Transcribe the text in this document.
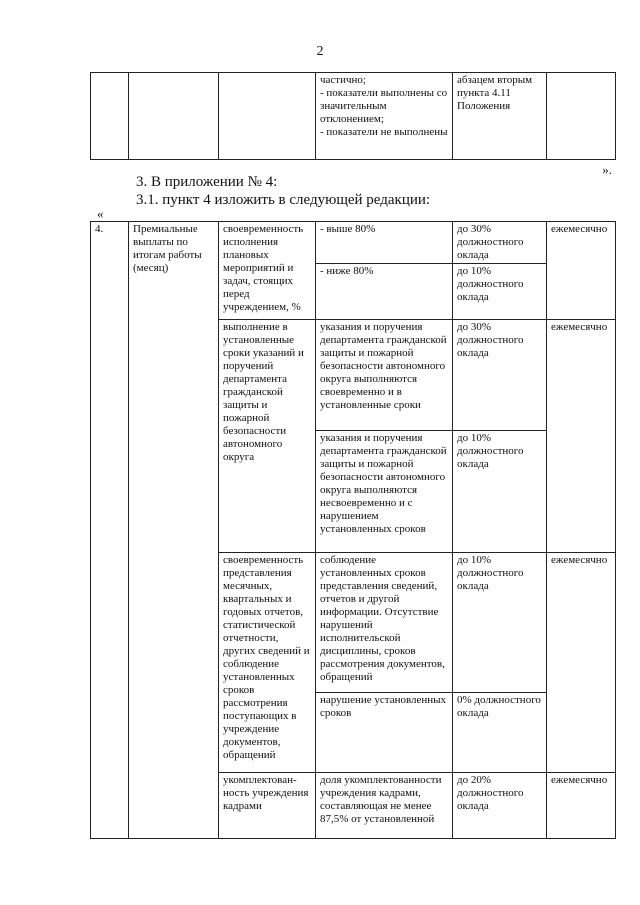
2
			частично;
- показатели выполнены со значительным отклонением;
- показатели не выполнены	абзацем вторым пункта 4.11 Положения	
».
3. В приложении № 4:
3.1. пункт 4 изложить в следующей редакции:
«
4.	Премиальные выплаты по итогам работы (месяц)	своевременность исполнения плановых мероприятий и задач, стоящих перед учреждением, %	- выше 80%	до 30% должностного оклада	ежемесячно
			- ниже 80%	до 10% должностного оклада	
		выполнение в установленные сроки указаний и поручений департамента гражданской защиты и пожарной безопасности автономного округа	указания и поручения департамента гражданской защиты и пожарной безопасности автономного округа выполняются своевременно и в установленные сроки	до 30% должностного оклада	ежемесячно
			указания и поручения департамента гражданской защиты и пожарной безопасности автономного округа выполняются несвоевременно и с нарушением установленных сроков	до 10% должностного оклада	
		своевременность представления месячных, квартальных и годовых отчетов, статистической отчетности, других сведений и соблюдение установленных сроков рассмотрения поступающих в учреждение документов, обращений	соблюдение установленных сроков представления сведений, отчетов и другой информации. Отсутствие нарушений исполнительской дисциплины, сроков рассмотрения документов, обращений	до 10% должностного оклада	ежемесячно
			нарушение установленных сроков	0% должностного оклада	
		укомплектован-ность учреждения кадрами	доля укомплектованности учреждения кадрами, составляющая не менее 87,5% от установленной	до 20% должностного оклада	ежемесячно
